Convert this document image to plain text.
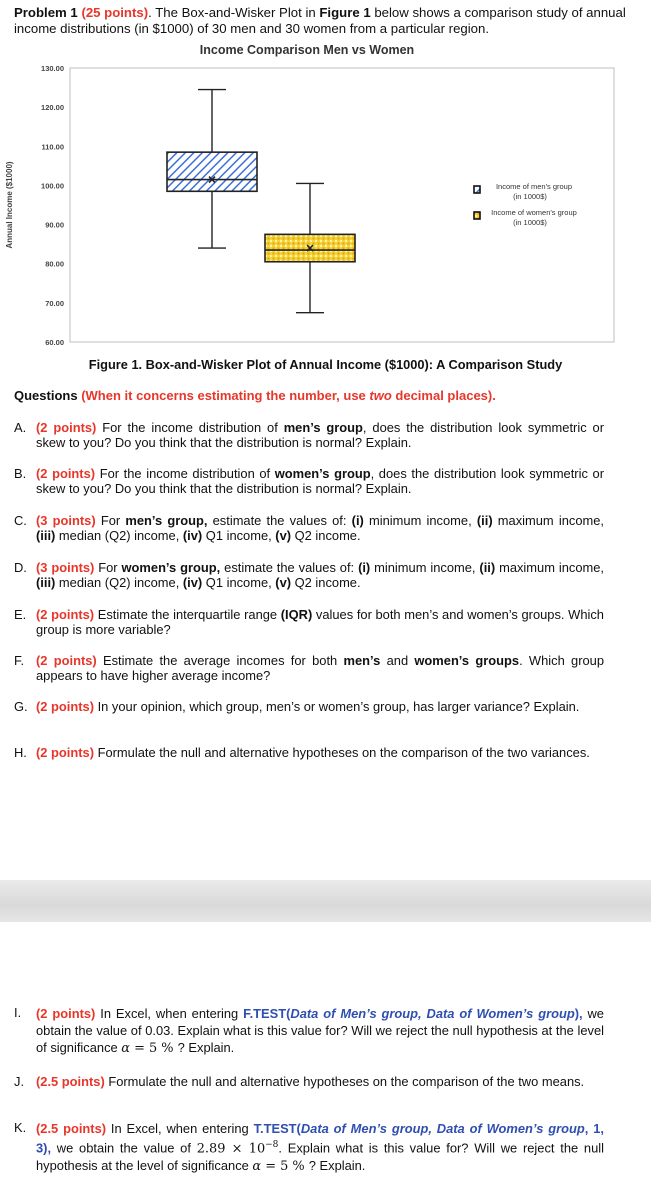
Problem 1 (25 points). The Box-and-Wisker Plot in Figure 1 below shows a comparison study of annual income distributions (in $1000) of 30 men and 30 women from a particular region.
Income Comparison Men vs Women
130.00
120.00
110.00
100.00
90.00
80.00
70.00
60.00
Annual Income ($1000)	Income of men's group
(in 1000$)
Income of women's group
(in 1000$)
Figure 1. Box-and-Wisker Plot of Annual Income ($1000): A Comparison Study
Questions (When it concerns estimating the number, use two decimal places).
A. (2 points) For the income distribution of men’s group, does the distribution look symmetric or skew to you? Do you think that the distribution is normal? Explain.
B. (2 points) For the income distribution of women’s group, does the distribution look symmetric or skew to you? Do you think that the distribution is normal? Explain.
C. (3 points) For men’s group, estimate the values of: (i) minimum income, (ii) maximum income, (iii) median (Q2) income, (iv) Q1 income, (v) Q2 income.
D. (3 points) For women’s group, estimate the values of: (i) minimum income, (ii) maximum income, (iii) median (Q2) income, (iv) Q1 income, (v) Q2 income.
E. (2 points) Estimate the interquartile range (IQR) values for both men’s and women’s groups. Which group is more variable?
F. (2 points) Estimate the average incomes for both men’s and women’s groups. Which group appears to have higher average income?
G. (2 points) In your opinion, which group, men’s or women’s group, has larger variance? Explain.
H. (2 points) Formulate the null and alternative hypotheses on the comparison of the two variances.
I.	(2 points) In Excel, when entering F.TEST(Data of Men’s group, Data of Women’s group), we obtain the value of 0.03. Explain what is this value for? Will we reject the null hypothesis at the level of significance α = 5 % ? Explain.
J. (2.5 points) Formulate the null and alternative hypotheses on the comparison of the two means.
K. (2.5 points) In Excel, when entering T.TEST(Data of Men’s group, Data of Women’s group, 1, 3), we obtain the value of $2.89 \times 10^{-8}$. Explain what is this value for? Will we reject the null hypothesis at the level of significance α = 5 % ? Explain.
